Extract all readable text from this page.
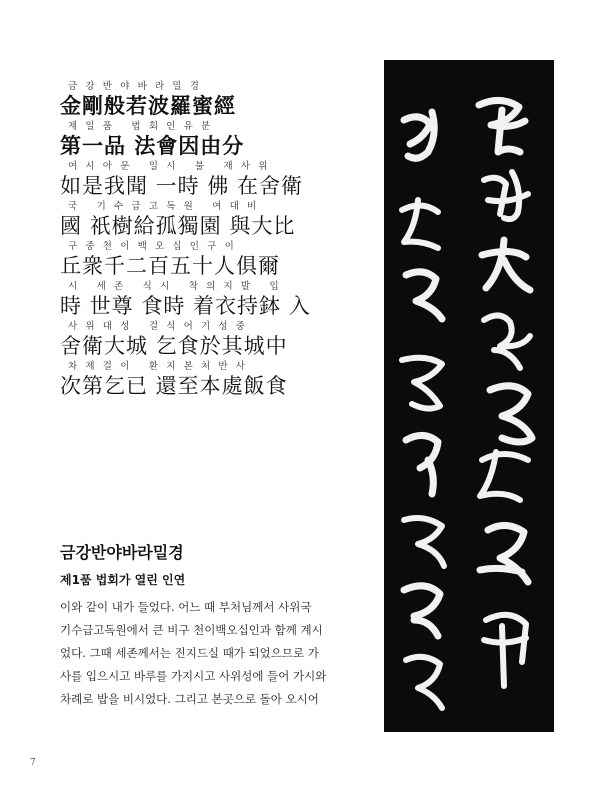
금 강 반 야 바 라 밀 경
金剛般若波羅蜜經
제 일 품   법 회 인 유 분
第一品 法會因由分
여 시 아 문   일 시   불   재 사 위
如是我聞 一時 佛 在舍衛
국   기 수 급 고 독 원   여 대 비
國 祇樹給孤獨園 與大比
구 중 천 이 백 오 십 인 구 이
丘衆千二百五十人俱爾
시   세 존   식 시   착 의 지 발   입
時 世尊 食時 着衣持鉢 入
사 위 대 성   걸 식 어 기 성 중
舍衛大城 乞食於其城中
차 제 걸 이   환 지 본 처 반 사
次第乞已 還至本處飯食
금강반야바라밀경
제1품 법회가 열린 인연

이와 같이 내가 들었다. 어느 때 부처님께서 사위국

기수급고독원에서 큰 비구 천이백오십인과 함께 계시

었다. 그때 세존께서는 진지드실 때가 되었으므로 가

사를 입으시고 바루를 가지시고 사위성에 들어 가시와

차례로 밥을 비시었다. 그리고 본곳으로 돌아 오시어

7
